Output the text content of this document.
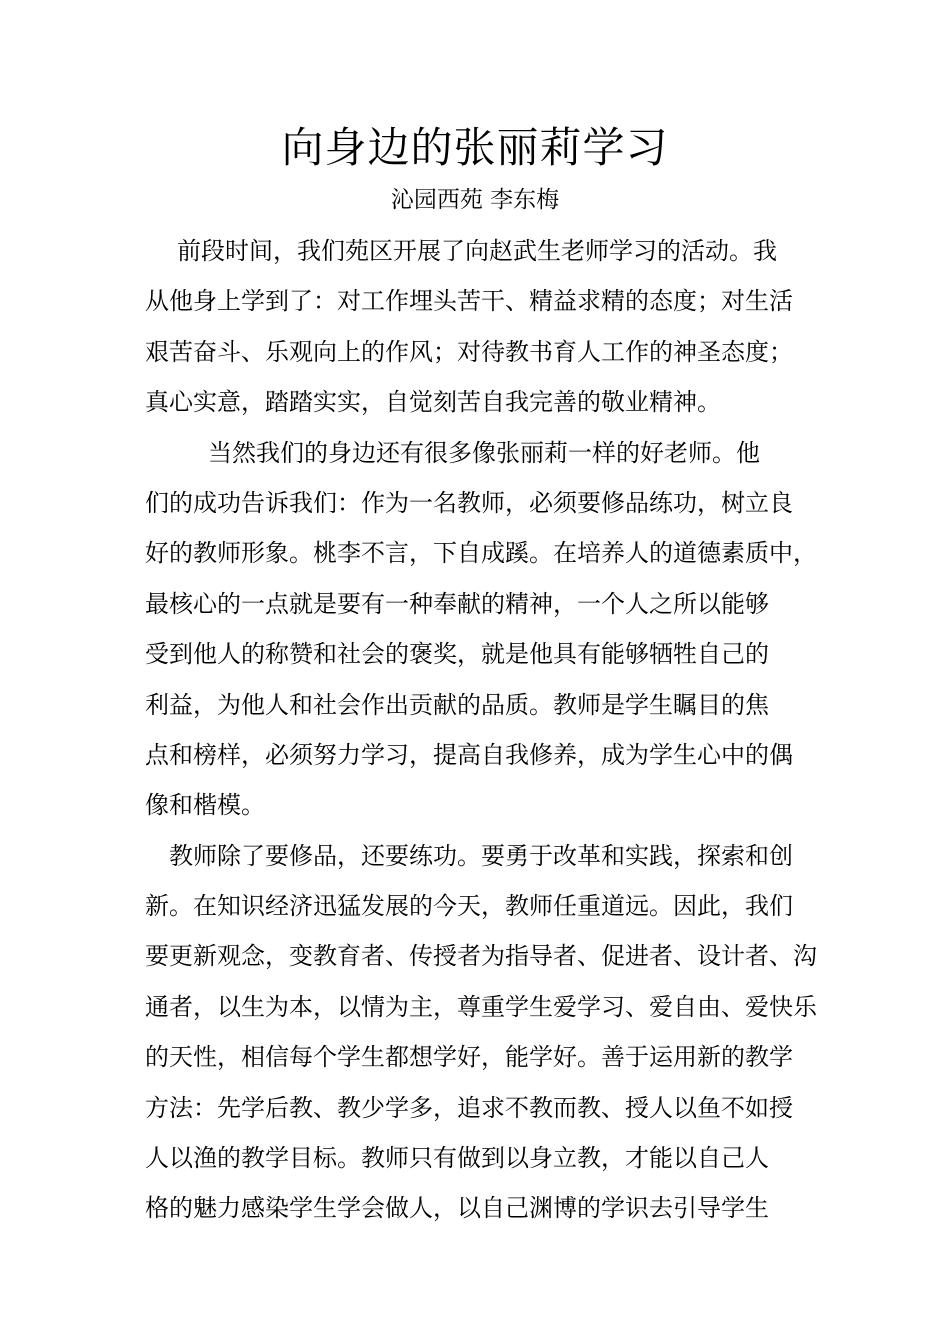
向身边的张丽莉学习
沁园西苑 李东梅
前段时间，我们苑区开展了向赵武生老师学习的活动。我
从他身上学到了：对工作埋头苦干、精益求精的态度；对生活
艰苦奋斗、乐观向上的作风；对待教书育人工作的神圣态度；
真心实意，踏踏实实，自觉刻苦自我完善的敬业精神。
当然我们的身边还有很多像张丽莉一样的好老师。他
们的成功告诉我们：作为一名教师，必须要修品练功，树立良
好的教师形象。桃李不言，下自成蹊。在培养人的道德素质中，
最核心的一点就是要有一种奉献的精神，一个人之所以能够
受到他人的称赞和社会的褒奖，就是他具有能够牺牲自己的
利益，为他人和社会作出贡献的品质。教师是学生瞩目的焦
点和榜样，必须努力学习，提高自我修养，成为学生心中的偶
像和楷模。
教师除了要修品，还要练功。要勇于改革和实践，探索和创
新。在知识经济迅猛发展的今天，教师任重道远。因此，我们
要更新观念，变教育者、传授者为指导者、促进者、设计者、沟
通者，以生为本，以情为主，尊重学生爱学习、爱自由、爱快乐
的天性，相信每个学生都想学好，能学好。善于运用新的教学
方法：先学后教、教少学多，追求不教而教、授人以鱼不如授
人以渔的教学目标。教师只有做到以身立教，才能以自己人
格的魅力感染学生学会做人，以自己渊博的学识去引导学生
